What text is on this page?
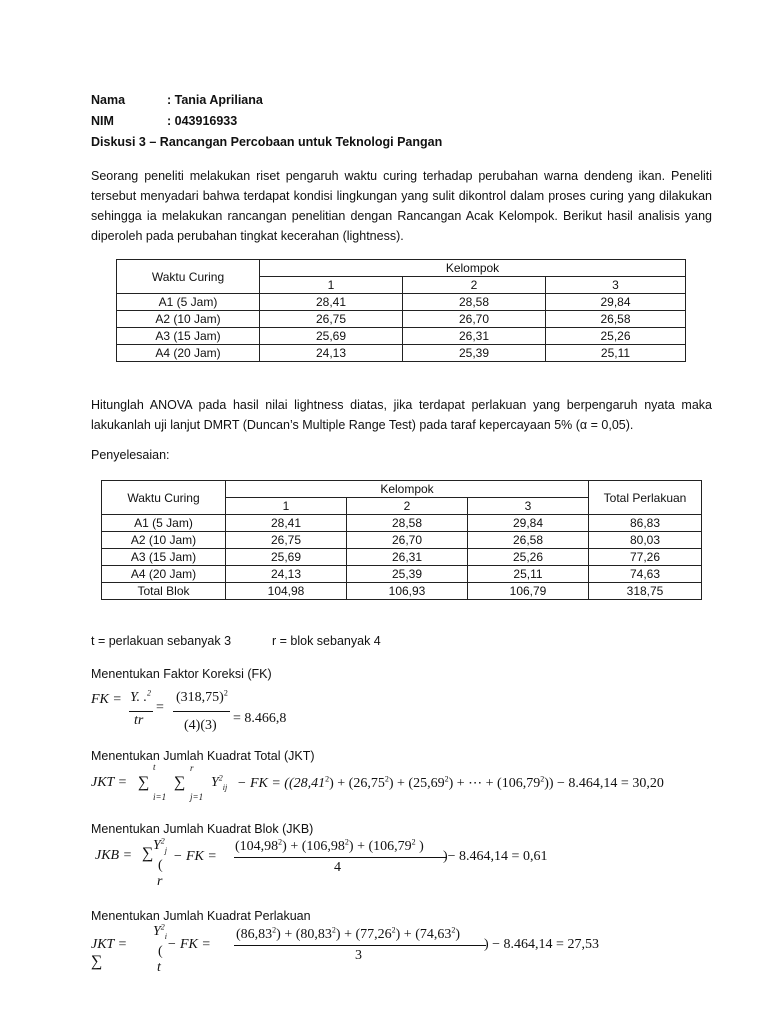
Nama	: Tania Apriliana
NIM	: 043916933
Diskusi 3 – Rancangan Percobaan untuk Teknologi Pangan
Seorang peneliti melakukan riset pengaruh waktu curing terhadap perubahan warna dendeng ikan. Peneliti tersebut menyadari bahwa terdapat kondisi lingkungan yang sulit dikontrol dalam proses curing yang dilakukan sehingga ia melakukan rancangan penelitian dengan Rancangan Acak Kelompok. Berikut hasil analisis yang diperoleh pada perubahan tingkat kecerahan (lightness).
Waktu Curing	Kelompok		
	1	2	3
A1 (5 Jam)	28,41	28,58	29,84
A2 (10 Jam)	26,75	26,70	26,58
A3 (15 Jam)	25,69	26,31	25,26
A4 (20 Jam)	24,13	25,39	25,11
Hitunglah ANOVA pada hasil nilai lightness diatas, jika terdapat perlakuan yang berpengaruh nyata maka lakukanlah uji lanjut DMRT (Duncan’s Multiple Range Test) pada taraf kepercayaan 5% (α = 0,05).
Penyelesaian:
Waktu Curing	Kelompok			Total Perlakuan
	1	2	3	
A1 (5 Jam)	28,41	28,58	29,84	86,83
A2 (10 Jam)	26,75	26,70	26,58	80,03
A3 (15 Jam)	25,69	26,31	25,26	77,26
A4 (20 Jam)	24,13	25,39	25,11	74,63
Total Blok	104,98	106,93	106,79	318,75
t = perlakuan sebanyak 3	r = blok sebanyak 4
Menentukan Faktor Koreksi (FK)
FK = Y. .$^2$
tr
=
$(318,75)^2$
(4)(3) = 8.466,8
Menentukan Jumlah Kuadrat Total (JKT)
JKT =
t
∑
i=1
r
∑
j=1
$Y^2_{ij}$ − FK = ($(28,41^2) + (26,75^2) + (25,69^2)$ + ⋯ + $(106,79^2)) - 8.464,14 = 30,20$
Menentukan Jumlah Kuadrat Blok (JKB)
JKB = ∑ $Y^2_j$
(
r
− FK =
$(104,98^2) + (106,98^2) + (106,79^2$ )
4
)− 8.464,14 = 0,61
Menentukan Jumlah Kuadrat Perlakuan
JKT =
∑
$Y^2_i$
(
t
− FK =
$(86,83^2) + (80,83^2) + (77,26^2) + (74,63^2)$
3
) − 8.464,14 = 27,53
